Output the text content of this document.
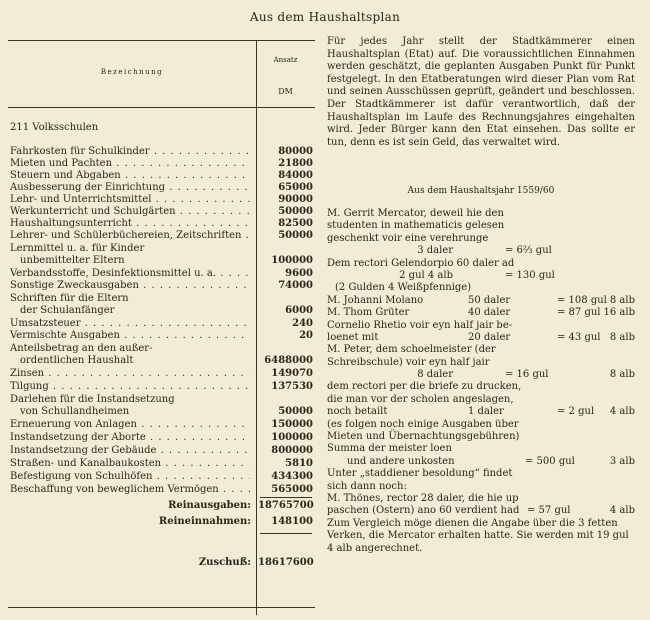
Aus dem Haushaltsplan
Bezeichnung
Ansatz
DM
211 Volksschulen
Fahrkosten für Schulkinder . . .	80000
Mieten und Pachten . . .	21800
Steuern und Abgaben . . .	84000
Ausbesserung der Einrichtung . . .	65000
Lehr- und Unterrichtsmittel . . .	90000
Werkunterricht und Schulgärten . . .	50000
Haushaltungsunterricht . . .	82500
Lehrer- und Schülerbüchereien, Zeitschriften . . .	50000
Lernmittel u. a. für Kinder
unbemittelter Eltern
. . .	100000
Verbandsstoffe, Desinfektionsmittel u. a. . . .	9600
Sonstige Zweckausgaben . . .	74000
Schriften für die Eltern
der Schulanfänger
. . .	6000
Umsatzsteuer . . .	240
Vermischte Ausgaben . . .	20
Anteilsbetrag an den außer-
ordentlichen Haushalt
. . .	6488000
Zinsen . . .	149070
Tilgung . . .	137530
Darlehen für die Instandsetzung
von Schullandheimen
. . .	50000
Erneuerung von Anlagen . . .	150000
Instandsetzung der Aborte . . .	100000
Instandsetzung der Gebäude . . .	800000
Straßen- und Kanalbaukosten . . .	5810
Befestigung von Schulhöfen . . .	434300
Beschaffung von beweglichem Vermögen . . .	565000
Reinausgaben: 18765700
Reineinnahmen:	148100
Zuschuß: 18617600
Für jedes Jahr stellt der Stadtkämmerer einen Haushaltsplan (Etat) auf. Die voraussichtlichen Einnahmen werden geschätzt, die geplanten Ausgaben Punkt für Punkt festgelegt. In den Etatberatungen wird dieser Plan vom Rat und seinen Ausschüssen geprüft, geändert und beschlossen. Der Stadtkämmerer ist dafür verantwortlich, daß der Haushaltsplan im Laufe des Rechnungsjahres eingehalten wird. Jeder Bürger kann den Etat einsehen. Das sollte er tun, denn es ist sein Geld, das verwaltet wird.
Aus dem Haushaltsjahr 1559/60
M. Gerrit Mercator, deweil hie den
studenten in mathematicis gelesen
geschenkt voir eine verehrunge
3 daler	= 6⅔ gul
Dem rectori Gelendorpio 60 daler ad
2 gul 4 alb	= 130 gul
(2 Gulden 4 Weißpfennige)
M. Johanni Molano	50 daler	= 108 gul 8 alb
M. Thom Grüter	40 daler	= 87 gul 16 alb
Cornelio Rhetio voir eyn half jair be-
loenet mit	20 daler	= 43 gul 8 alb
M. Peter, dem schoelmeister (der
Schreibschule) voir eyn half jair
8 daler	= 16 gul	8 alb
dem rectori per die briefe zu drucken,
die man vor der scholen angeslagen,
noch betailt	1 daler	= 2 gul 4 alb
(es folgen noch einige Ausgaben über
Mieten und Übernachtungsgebühren)
Summa der meister loen
und andere unkosten	= 500 gul	3 alb
Unter „staddiener besoldung“ findet
sich dann noch:
M. Thönes, rector 28 daler, die hie up
paschen (Ostern) ano 60 verdient had = 57 gul	4 alb
Zum Vergleich möge dienen die Angabe über die 3 fetten Verken, die Mercator erhalten hatte. Sie werden mit 19 gul 4 alb angerechnet.
